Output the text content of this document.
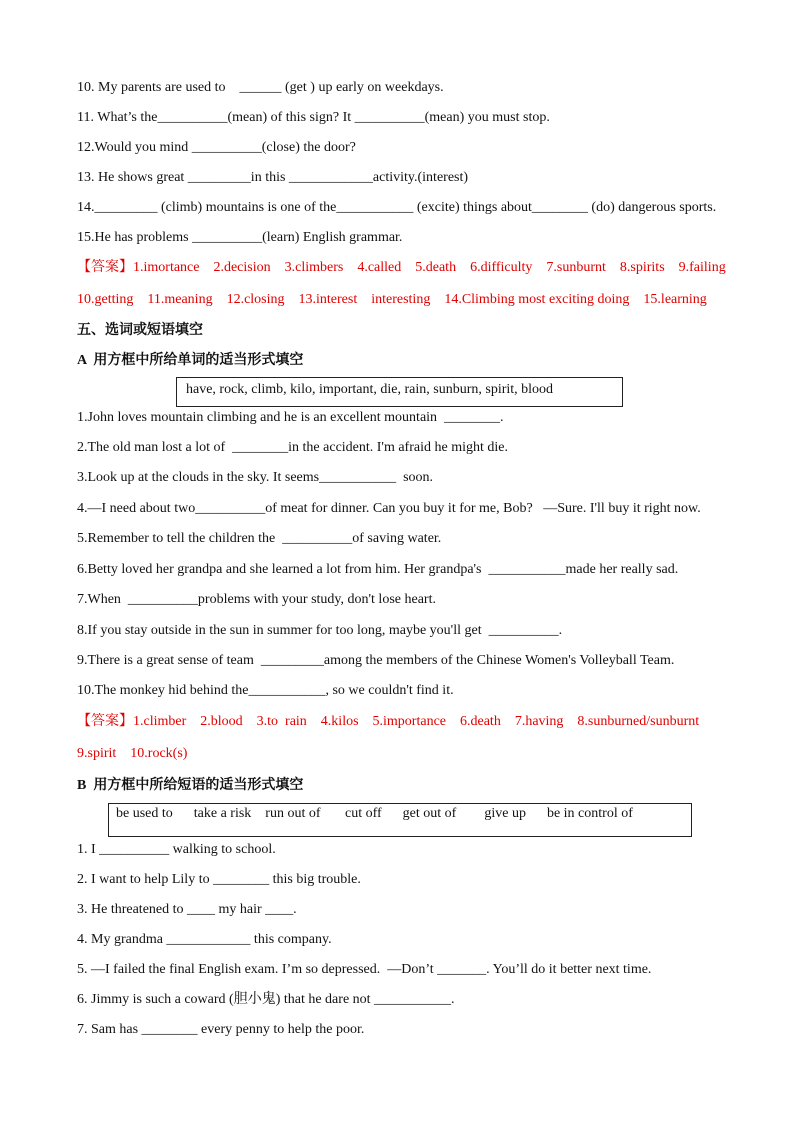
10. My parents are used to    ______ (get ) up early on weekdays.
11. What’s the__________(mean) of this sign? It __________(mean) you must stop.
12.Would you mind __________(close) the door?
13. He shows great _________in this ____________activity.(interest)
14._________ (climb) mountains is one of the___________ (excite) things about________ (do) dangerous sports.
15.He has problems __________(learn) English grammar.
【答案】1.imortance    2.decision    3.climbers    4.called    5.death    6.difficulty    7.sunburnt    8.spirits    9.failing
10.getting    11.meaning    12.closing    13.interest    interesting    14.Climbing most exciting doing    15.learning
五、选词或短语填空
A  用方框中所给单词的适当形式填空
have, rock, climb, kilo, important, die, rain, sunburn, spirit, blood
1.John loves mountain climbing and he is an excellent mountain  ________.
2.The old man lost a lot of  ________in the accident. I'm afraid he might die.
3.Look up at the clouds in the sky. It seems___________  soon.
4.—I need about two__________of meat for dinner. Can you buy it for me, Bob?   —Sure. I'll buy it right now.
5.Remember to tell the children the  __________of saving water.
6.Betty loved her grandpa and she learned a lot from him. Her grandpa's  ___________made her really sad.
7.When  __________problems with your study, don't lose heart.
8.If you stay outside in the sun in summer for too long, maybe you'll get  __________.
9.There is a great sense of team  _________among the members of the Chinese Women's Volleyball Team.
10.The monkey hid behind the___________, so we couldn't find it.
【答案】1.climber    2.blood    3.to  rain    4.kilos    5.importance    6.death    7.having    8.sunburned/sunburnt
9.spirit    10.rock(s)
B  用方框中所给短语的适当形式填空
be used to      take a risk    run out of       cut off      get out of        give up      be in control of
1. I __________ walking to school.
2. I want to help Lily to ________ this big trouble.
3. He threatened to ____ my hair ____.
4. My grandma ____________ this company.
5. —I failed the final English exam. I’m so depressed.  —Don’t _______. You’ll do it better next time.
6. Jimmy is such a coward (胆小鬼) that he dare not ___________.
7. Sam has ________ every penny to help the poor.
